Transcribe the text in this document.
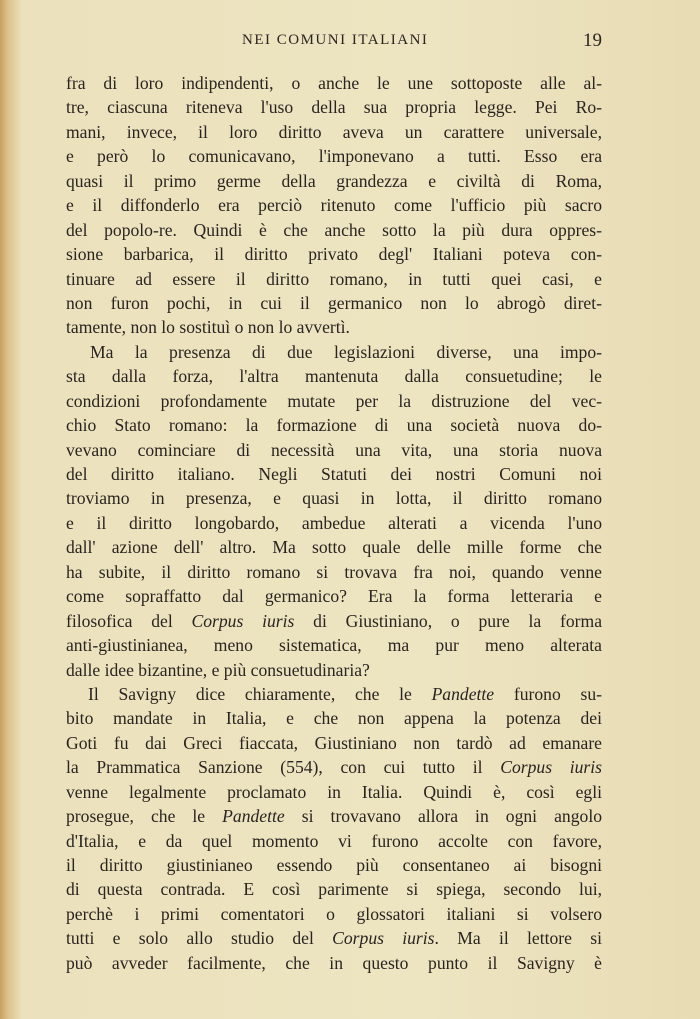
NEI COMUNI ITALIANI	19
fra di loro indipendenti, o anche le une sottoposte alle al-
tre, ciascuna riteneva l'uso della sua propria legge. Pei Ro-
mani, invece, il loro diritto aveva un carattere universale,
e però lo comunicavano, l'imponevano a tutti. Esso era
quasi il primo germe della grandezza e civiltà di Roma,
e il diffonderlo era perciò ritenuto come l'ufficio più sacro
del popolo-re. Quindi è che anche sotto la più dura oppres-
sione barbarica, il diritto privato degl' Italiani poteva con-
tinuare ad essere il diritto romano, in tutti quei casi, e
non furon pochi, in cui il germanico non lo abrogò diret-
tamente, non lo sostituì o non lo avvertì.
Ma la presenza di due legislazioni diverse, una impo-
sta dalla forza, l'altra mantenuta dalla consuetudine; le
condizioni profondamente mutate per la distruzione del vec-
chio Stato romano: la formazione di una società nuova do-
vevano cominciare di necessità una vita, una storia nuova
del diritto italiano. Negli Statuti dei nostri Comuni noi
troviamo in presenza, e quasi in lotta, il diritto romano
e il diritto longobardo, ambedue alterati a vicenda l'uno
dall' azione dell' altro. Ma sotto quale delle mille forme che
ha subite, il diritto romano si trovava fra noi, quando venne
come sopraffatto dal germanico? Era la forma letteraria e
filosofica del Corpus iuris di Giustiniano, o pure la forma
anti-giustinianea, meno sistematica, ma pur meno alterata
dalle idee bizantine, e più consuetudinaria?
Il Savigny dice chiaramente, che le Pandette furono su-
bito mandate in Italia, e che non appena la potenza dei
Goti fu dai Greci fiaccata, Giustiniano non tardò ad emanare
la Prammatica Sanzione (554), con cui tutto il Corpus iuris
venne legalmente proclamato in Italia. Quindi è, così egli
prosegue, che le Pandette si trovavano allora in ogni angolo
d'Italia, e da quel momento vi furono accolte con favore,
il diritto giustinianeo essendo più consentaneo ai bisogni
di questa contrada. E così parimente si spiega, secondo lui,
perchè i primi comentatori o glossatori italiani si volsero
tutti e solo allo studio del Corpus iuris. Ma il lettore si
può avveder facilmente, che in questo punto il Savigny è
